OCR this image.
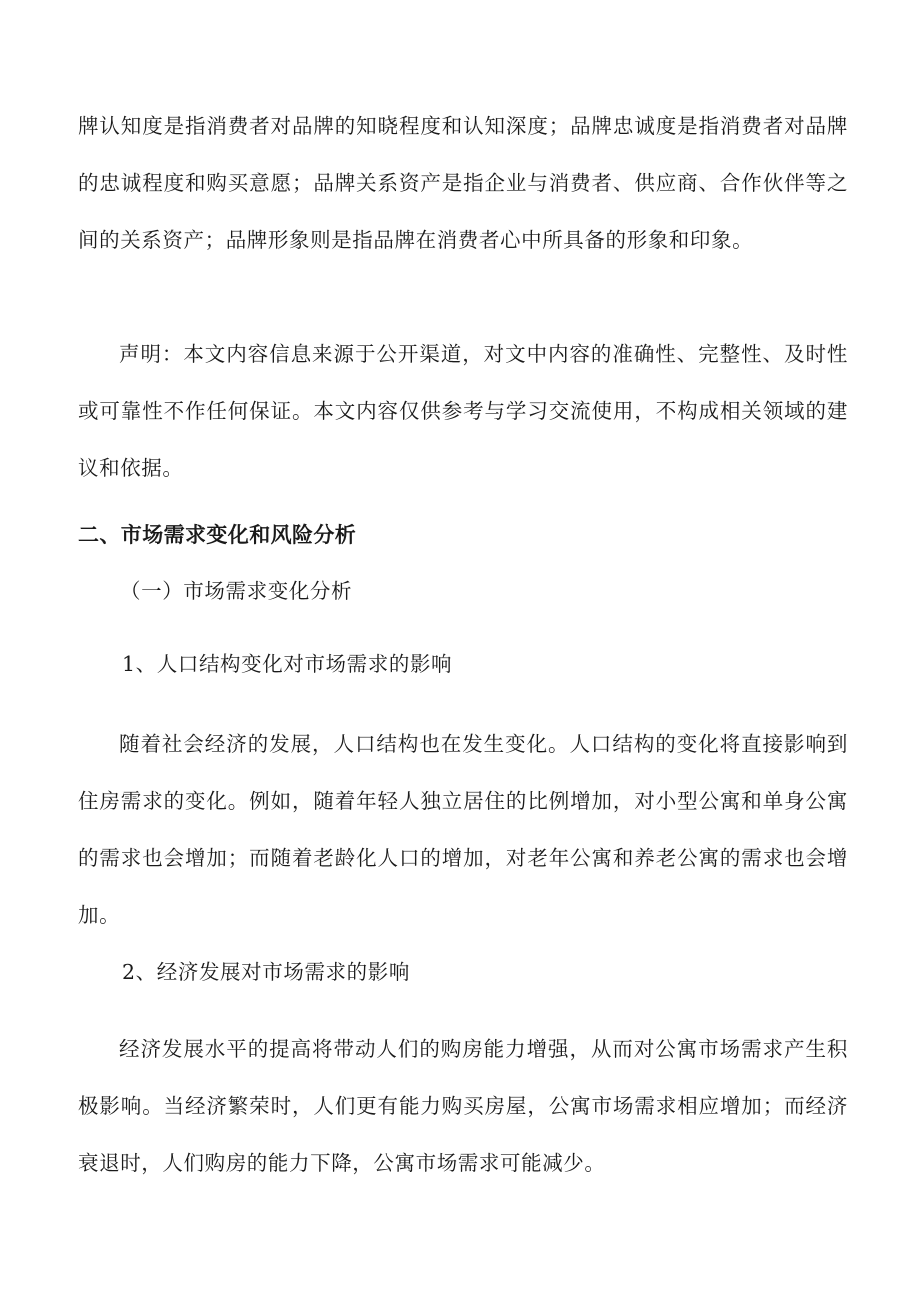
牌认知度是指消费者对品牌的知晓程度和认知深度；品牌忠诚度是指消费者对品牌的忠诚程度和购买意愿；品牌关系资产是指企业与消费者、供应商、合作伙伴等之间的关系资产；品牌形象则是指品牌在消费者心中所具备的形象和印象。

声明：本文内容信息来源于公开渠道，对文中内容的准确性、完整性、及时性或可靠性不作任何保证。本文内容仅供参考与学习交流使用，不构成相关领域的建议和依据。

二、市场需求变化和风险分析

（一）市场需求变化分析

1、人口结构变化对市场需求的影响

随着社会经济的发展，人口结构也在发生变化。人口结构的变化将直接影响到住房需求的变化。例如，随着年轻人独立居住的比例增加，对小型公寓和单身公寓的需求也会增加；而随着老龄化人口的增加，对老年公寓和养老公寓的需求也会增加。

2、经济发展对市场需求的影响

经济发展水平的提高将带动人们的购房能力增强，从而对公寓市场需求产生积极影响。当经济繁荣时，人们更有能力购买房屋，公寓市场需求相应增加；而经济衰退时，人们购房的能力下降，公寓市场需求可能减少。
